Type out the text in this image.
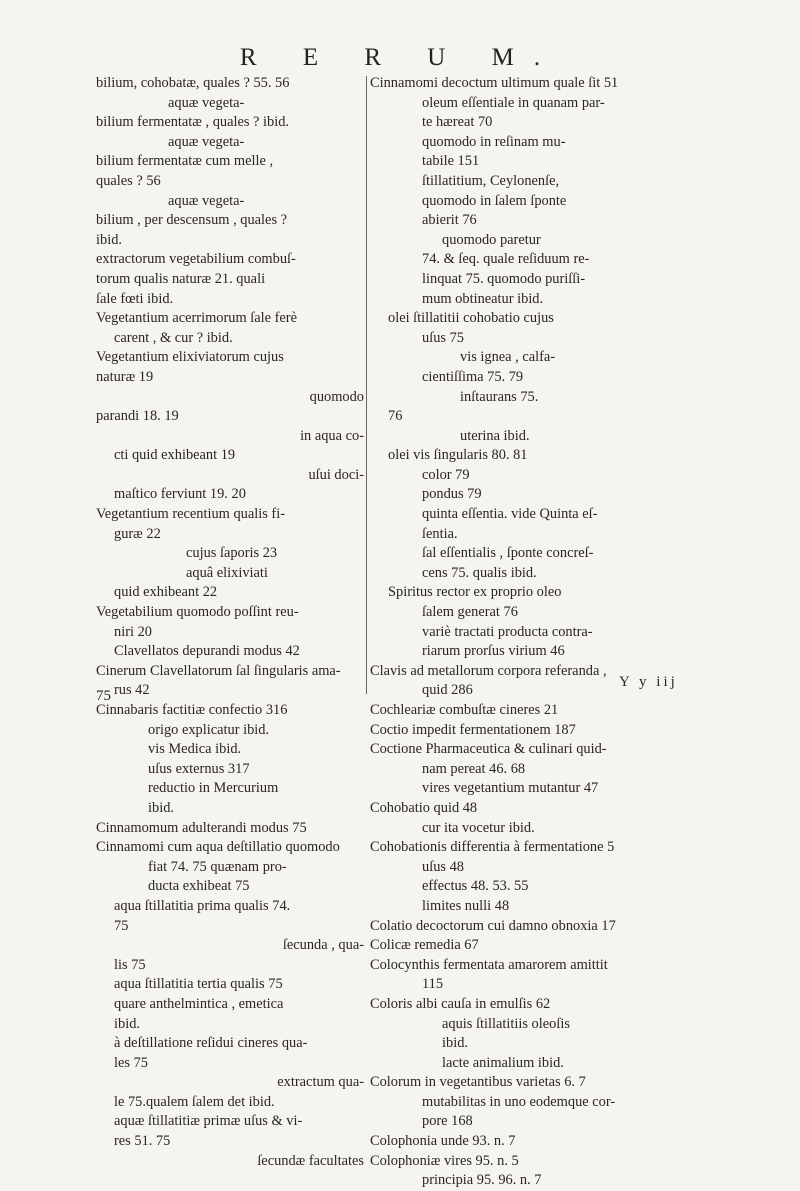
R E R U M.
bilium, cohobatæ, quales ? 55. 56
aquæ vegeta-
bilium fermentatæ , quales ? ibid.
aquæ vegeta-
bilium fermentatæ cum melle ,
quales ? 56
aquæ vegeta-
bilium , per descensum , quales ?
ibid.
extractorum vegetabilium combuſ-
torum qualis naturæ 21. quali
ſale fœti ibid.
Vegetantium acerrimorum ſale ferè
carent , & cur ? ibid.
Vegetantium elixiviatorum cujus
naturæ 19
quomodo
parandi 18. 19
in aqua co-
cti quid exhibeant 19
uſui doci-
maſtico ferviunt 19. 20
Vegetantium recentium qualis fi-
guræ 22
cujus ſaporis 23
aquâ elixiviati
quid exhibeant 22
Vegetabilium quomodo poſſint reu-
niri 20
Clavellatos depurandi modus 42
Cinerum Clavellatorum ſal ſingularis ama-
rus 42
Cinnabaris factitiæ confectio 316
origo explicatur ibid.
vis Medica ibid.
uſus externus 317
reductio in Mercurium
ibid.
Cinnamomum adulterandi modus 75
Cinnamomi cum aqua deſtillatio quomodo
fiat 74. 75 quænam pro-
ducta exhibeat 75
aqua ſtillatitia prima qualis 74.
75
ſecunda , qua-
lis 75
aqua ſtillatitia tertia qualis 75
quare anthelmintica , emetica
ibid.
à deſtillatione reſidui cineres qua-
les 75
extractum qua-
le 75.qualem ſalem det ibid.
aquæ ſtillatitiæ primæ uſus & vi-
res 51. 75
ſecundæ facultates
Cinnamomi decoctum ultimum quale ſit 51
oleum eſſentiale in quanam par-
te hæreat 70
quomodo in reſinam mu-
tabile 151
ſtillatitium, Ceylonenſe,
quomodo in ſalem ſponte
abierit 76
quomodo paretur
74. & ſeq. quale reſiduum re-
linquat 75. quomodo puriſſi-
mum obtineatur ibid.
olei ſtillatitii cohobatio cujus
uſus 75
vis ignea , calfa-
cientiſſima 75. 79
inſtaurans 75.
76
uterina ibid.
olei vis ſingularis 80. 81
color 79
pondus 79
quinta eſſentia. vide Quinta eſ-
ſentia.
ſal eſſentialis , ſponte concreſ-
cens 75. qualis ibid.
Spiritus rector ex proprio oleo
ſalem generat 76
variè tractati producta contra-
riarum prorſus virium 46
Clavis ad metallorum corpora referanda ,
quid 286
Cochleariæ combuſtæ cineres 21
Coctio impedit fermentationem 187
Coctione Pharmaceutica & culinari quid-
nam pereat 46. 68
vires vegetantium mutantur 47
Cohobatio quid 48
cur ita vocetur ibid.
Cohobationis differentia à fermentatione 5
uſus 48
effectus 48. 53. 55
limites nulli 48
Colatio decoctorum cui damno obnoxia 17
Colicæ remedia 67
Colocynthis fermentata amarorem amittit
115
Coloris albi cauſa in emulſis 62
aquis ſtillatitiis oleoſis
ibid.
lacte animalium ibid.
Colorum in vegetantibus varietas 6. 7
mutabilitas in uno eodemque cor-
pore 168
Colophonia unde 93. n. 7
Colophoniæ vires 95. n. 5
principia 95. 96. n. 7
75
Y y iij
